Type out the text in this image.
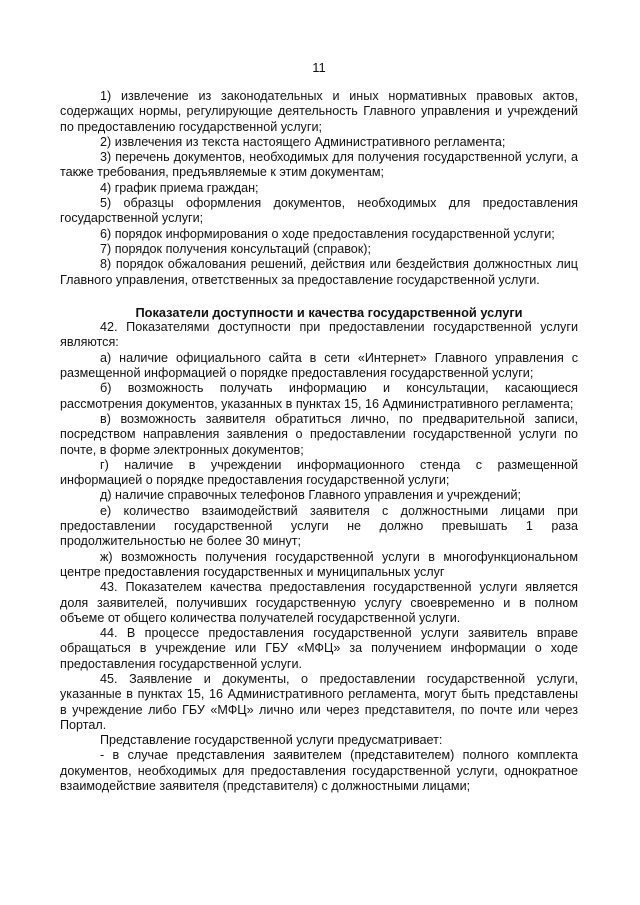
11

1) извлечение из законодательных и иных нормативных правовых актов, содержащих нормы, регулирующие деятельность Главного управления и учреждений по предоставлению государственной услуги;

2) извлечения из текста настоящего Административного регламента;

3) перечень документов, необходимых для получения государственной услуги, а также требования, предъявляемые к этим документам;

4) график приема граждан;

5) образцы оформления документов, необходимых для предоставления государственной услуги;

6) порядок информирования о ходе предоставления государственной услуги;

7) порядок получения консультаций (справок);

8) порядок обжалования решений, действия или бездействия должностных лиц Главного управления, ответственных за предоставление государственной услуги.

Показатели доступности и качества государственной услуги

42. Показателями доступности при предоставлении государственной услуги являются:

а) наличие официального сайта в сети «Интернет» Главного управления с размещенной информацией о порядке предоставления государственной услуги;

б) возможность получать информацию и консультации, касающиеся рассмотрения документов, указанных в пунктах 15, 16 Административного регламента;

в) возможность заявителя обратиться лично, по предварительной записи, посредством направления заявления о предоставлении государственной услуги по почте, в форме электронных документов;

г) наличие в учреждении информационного стенда с размещенной информацией о порядке предоставления государственной услуги;

д) наличие справочных телефонов Главного управления и учреждений;

е) количество взаимодействий заявителя с должностными лицами при предоставлении государственной услуги не должно превышать 1 раза продолжительностью не более 30 минут;

ж) возможность получения государственной услуги в многофункциональном центре предоставления государственных и муниципальных услуг

43. Показателем качества предоставления государственной услуги является доля заявителей, получивших государственную услугу своевременно и в полном объеме от общего количества получателей государственной услуги.

44. В процессе предоставления государственной услуги заявитель вправе обращаться в учреждение или ГБУ «МФЦ» за получением информации о ходе предоставления государственной услуги.

45. Заявление и документы, о предоставлении государственной услуги, указанные в пунктах 15, 16 Административного регламента, могут быть представлены в учреждение либо ГБУ «МФЦ» лично или через представителя, по почте или через Портал.

Представление государственной услуги предусматривает:

- в случае представления заявителем (представителем) полного комплекта документов, необходимых для предоставления государственной услуги, однократное взаимодействие заявителя (представителя) с должностными лицами;
